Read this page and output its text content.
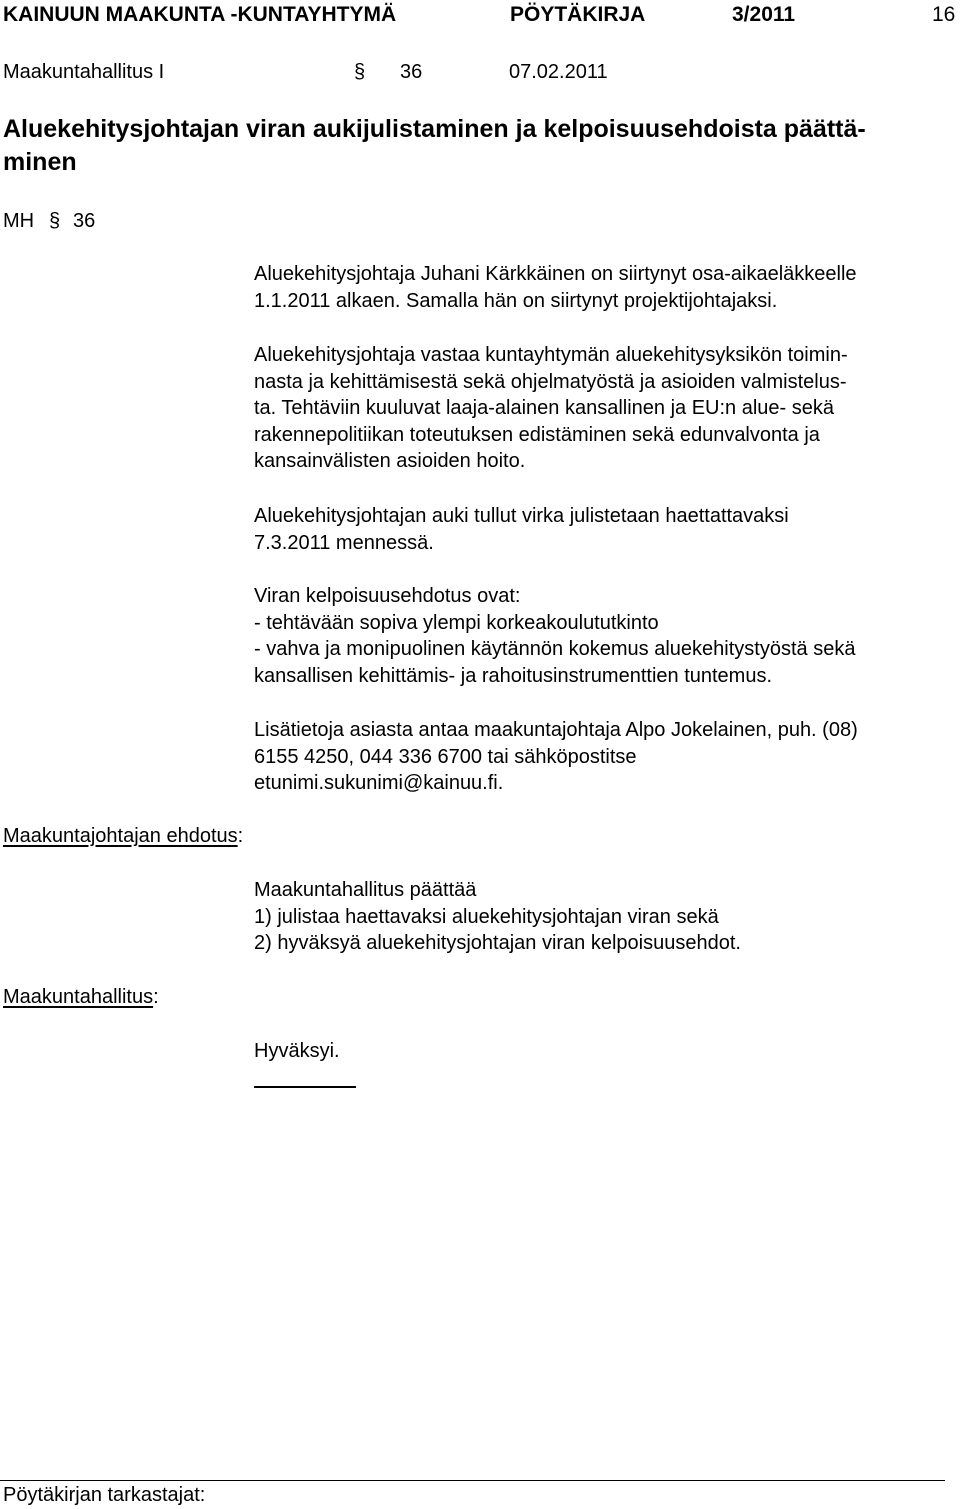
KAINUUN MAAKUNTA -KUNTAYHTYMÄ	PÖYTÄKIRJA	3/2011	16
Maakuntahallitus I	§ 36	07.02.2011
Aluekehitysjohtajan viran aukijulistaminen ja kelpoisuusehdoista päättä-
minen
MH § 36
Aluekehitysjohtaja Juhani Kärkkäinen on siirtynyt osa-aikaeläkkeelle
1.1.2011 alkaen. Samalla hän on siirtynyt projektijohtajaksi.
Aluekehitysjohtaja vastaa kuntayhtymän aluekehitysyksikön toimin-
nasta ja kehittämisestä sekä ohjelmatyöstä ja asioiden valmistelus-
ta. Tehtäviin kuuluvat laaja-alainen kansallinen ja EU:n alue- sekä
rakennepolitiikan toteutuksen edistäminen sekä edunvalvonta ja
kansainvälisten asioiden hoito.
Aluekehitysjohtajan auki tullut virka julistetaan haettattavaksi
7.3.2011 mennessä.
Viran kelpoisuusehdotus ovat:
- tehtävään sopiva ylempi korkeakoulututkinto
- vahva ja monipuolinen käytännön kokemus aluekehitystyöstä sekä
kansallisen kehittämis- ja rahoitusinstrumenttien tuntemus.
Lisätietoja asiasta antaa maakuntajohtaja Alpo Jokelainen, puh. (08)
6155 4250, 044 336 6700 tai sähköpostitse
etunimi.sukunimi@kainuu.fi.
Maakuntajohtajan ehdotus:
Maakuntahallitus päättää
1) julistaa haettavaksi aluekehitysjohtajan viran sekä
2) hyväksyä aluekehitysjohtajan viran kelpoisuusehdot.
Maakuntahallitus:
Hyväksyi.
Pöytäkirjan tarkastajat:
